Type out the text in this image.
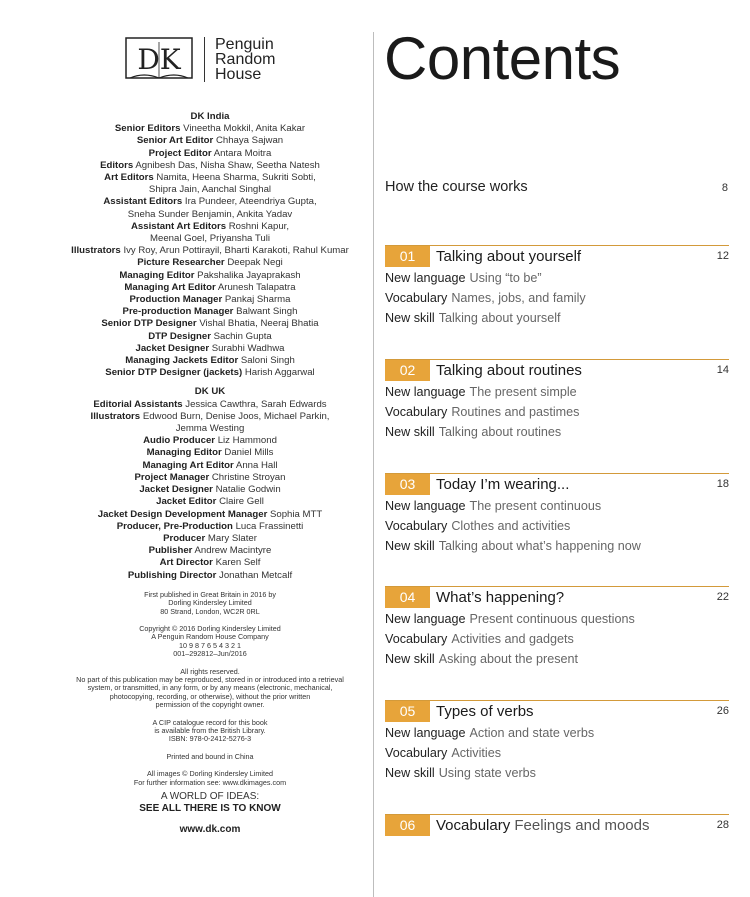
DK Penguin
Random
House
DK India
Senior Editors Vineetha Mokkil, Anita Kakar
Senior Art Editor Chhaya Sajwan
Project Editor Antara Moitra
Editors Agnibesh Das, Nisha Shaw, Seetha Natesh
Art Editors Namita, Heena Sharma, Sukriti Sobti,
Shipra Jain, Aanchal Singhal
Assistant Editors Ira Pundeer, Ateendriya Gupta,
Sneha Sunder Benjamin, Ankita Yadav
Assistant Art Editors Roshni Kapur,
Meenal Goel, Priyansha Tuli
Illustrators Ivy Roy, Arun Pottirayil, Bharti Karakoti, Rahul Kumar
Picture Researcher Deepak Negi
Managing Editor Pakshalika Jayaprakash
Managing Art Editor Arunesh Talapatra
Production Manager Pankaj Sharma
Pre-production Manager Balwant Singh
Senior DTP Designer Vishal Bhatia, Neeraj Bhatia
DTP Designer Sachin Gupta
Jacket Designer Surabhi Wadhwa
Managing Jackets Editor Saloni Singh
Senior DTP Designer (jackets) Harish Aggarwal
DK UK
Editorial Assistants Jessica Cawthra, Sarah Edwards
Illustrators Edwood Burn, Denise Joos, Michael Parkin,
Jemma Westing
Audio Producer Liz Hammond
Managing Editor Daniel Mills
Managing Art Editor Anna Hall
Project Manager Christine Stroyan
Jacket Designer Natalie Godwin
Jacket Editor Claire Gell
Jacket Design Development Manager Sophia MTT
Producer, Pre-Production Luca Frassinetti
Producer Mary Slater
Publisher Andrew Macintyre
Art Director Karen Self
Publishing Director Jonathan Metcalf
First published in Great Britain in 2016 by
Dorling Kindersley Limited
80 Strand, London, WC2R 0RL
Copyright © 2016 Dorling Kindersley Limited
A Penguin Random House Company
10 9 8 7 6 5 4 3 2 1
001–292812–Jun/2016
All rights reserved.
No part of this publication may be reproduced, stored in or introduced into a retrieval
system, or transmitted, in any form, or by any means (electronic, mechanical,
photocopying, recording, or otherwise), without the prior written
permission of the copyright owner.
A CIP catalogue record for this book
is available from the British Library.
ISBN: 978-0-2412-5276-3
Printed and bound in China
All images © Dorling Kindersley Limited
For further information see: www.dkimages.com
A WORLD OF IDEAS:
SEE ALL THERE IS TO KNOW
www.dk.com
Contents
How the course works	8
01	Talking about yourself	12
New language Using “to be”
Vocabulary Names, jobs, and family
New skill Talking about yourself
02	Talking about routines	14
New language The present simple
Vocabulary Routines and pastimes
New skill Talking about routines
03	Today I’m wearing...	18
New language The present continuous
Vocabulary Clothes and activities
New skill Talking about what’s happening now
04	What’s happening?	22
New language Present continuous questions
Vocabulary Activities and gadgets
New skill Asking about the present
05	Types of verbs	26
New language Action and state verbs
Vocabulary Activities
New skill Using state verbs
06	Vocabulary Feelings and moods	28
